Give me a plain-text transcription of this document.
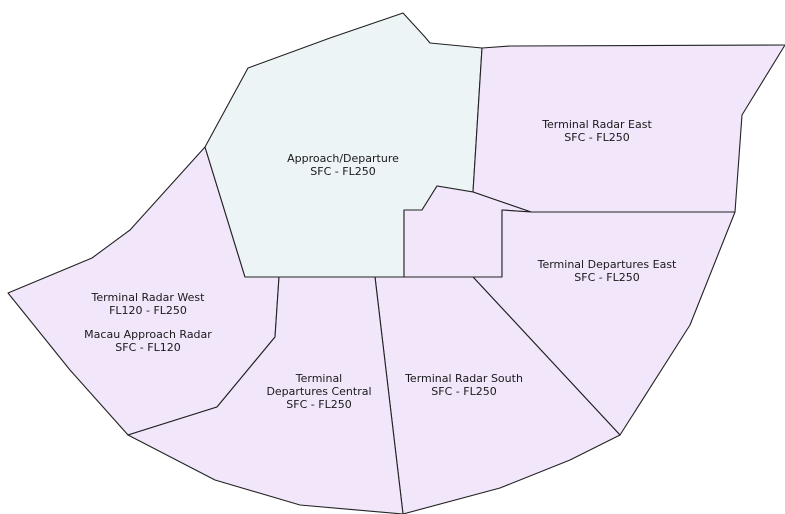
Approach/Departure SFC - FL250
Terminal Radar East SFC - FL250
Terminal Departures East SFC - FL250
Terminal Radar West FL120 - FL250
Macau Approach Radar SFC - FL120
Terminal Departures Central SFC - FL250
Terminal Radar South SFC - FL250
